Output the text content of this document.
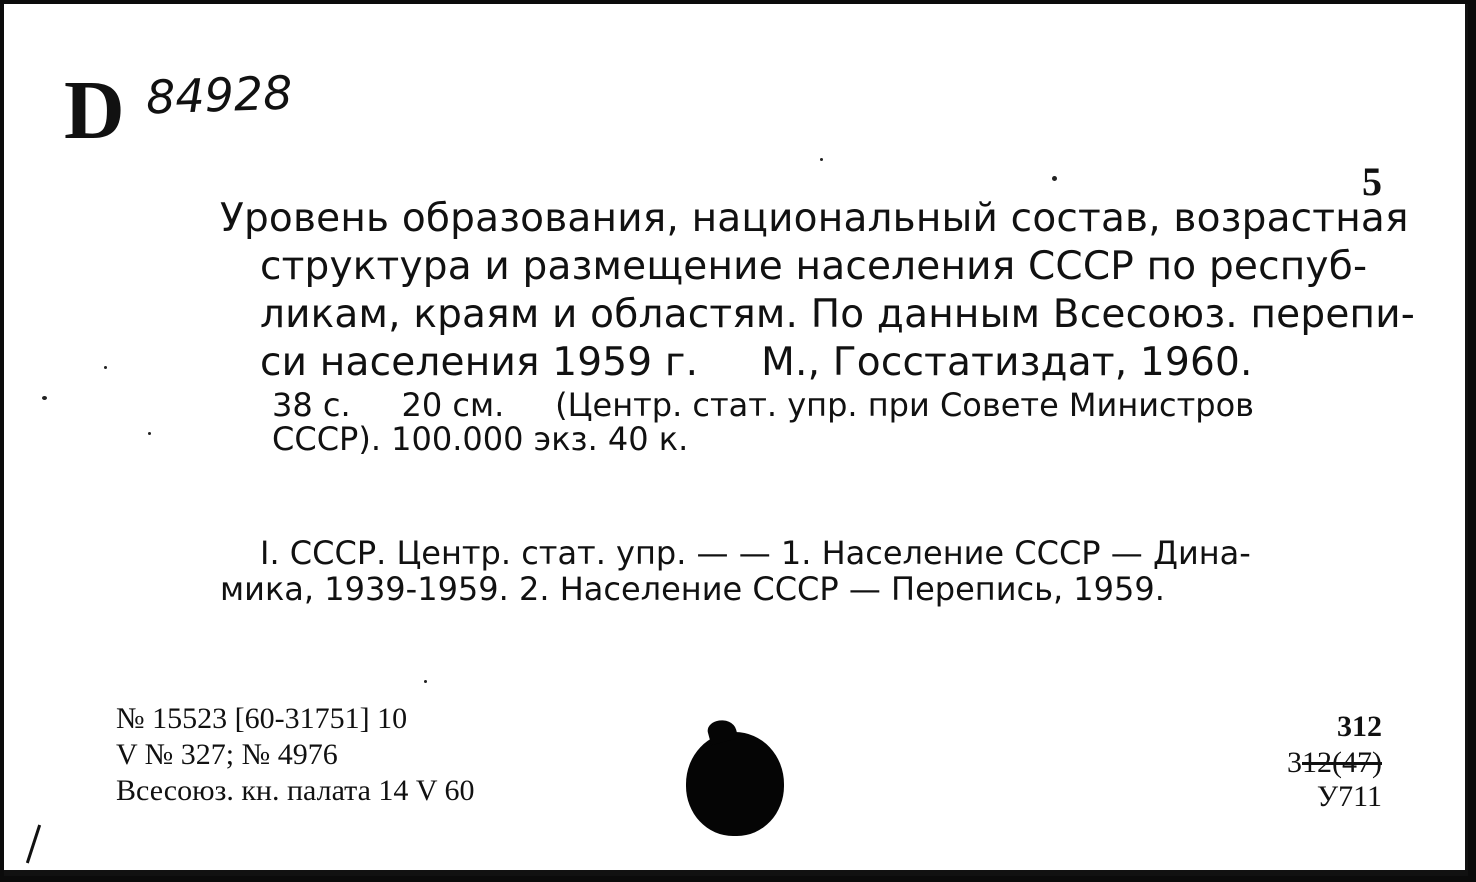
D 84928
5
Уровень образования, национальный состав, возрастная
структура и размещение населения СССР по респуб-
ликам, краям и областям. По данным Всесоюз. перепи-
си населения 1959 г.     М., Госстатиздат, 1960.
38 с.     20 см.     (Центр. стат. упр. при Совете Министров
СССР). 100.000 экз. 40 к.
I. СССР. Центр. стат. упр. — — 1. Население СССР — Дина-
мика, 1939-1959. 2. Население СССР — Перепись, 1959.
№ 15523 [60-31751] 10
V № 327; № 4976
Всесоюз. кн. палата 14 V 60
312
312(47)
У711
